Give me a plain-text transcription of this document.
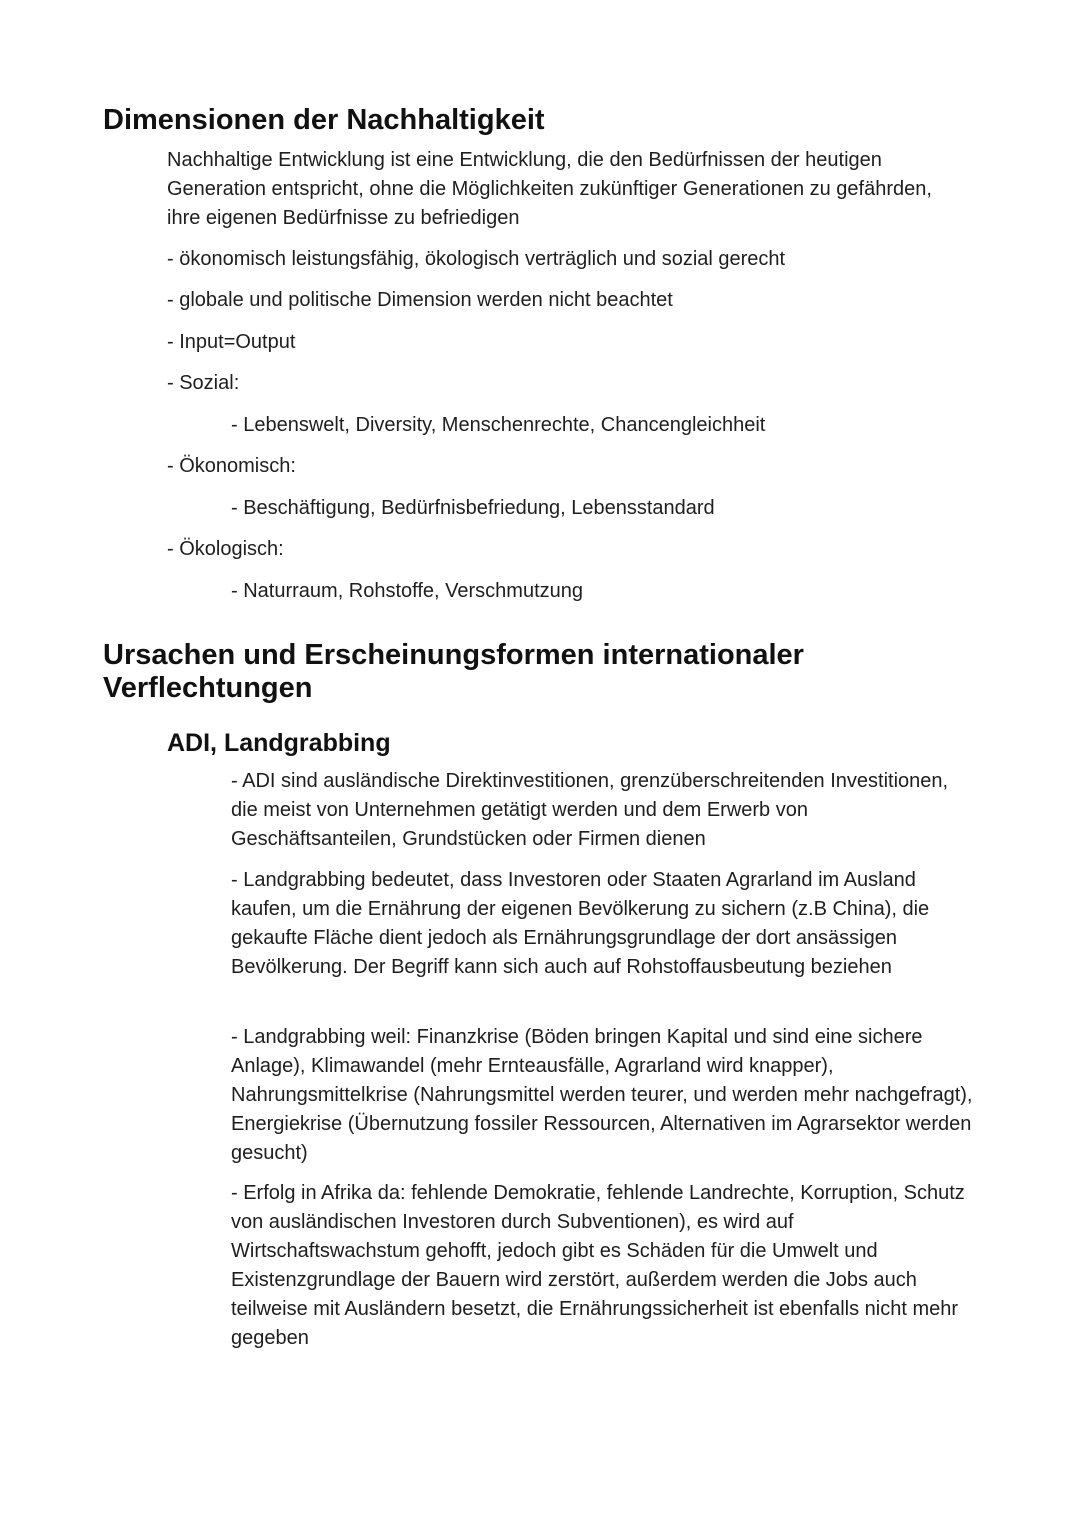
Dimensionen der Nachhaltigkeit

Nachhaltige Entwicklung ist eine Entwicklung, die den Bedürfnissen der heutigen Generation entspricht, ohne die Möglichkeiten zukünftiger Generationen zu gefährden, ihre eigenen Bedürfnisse zu befriedigen

- ökonomisch leistungsfähig, ökologisch verträglich und sozial gerecht

- globale und politische Dimension werden nicht beachtet

- Input=Output

- Sozial:

- Lebenswelt, Diversity, Menschenrechte, Chancengleichheit

- Ökonomisch:

- Beschäftigung, Bedürfnisbefriedung, Lebensstandard

- Ökologisch:

- Naturraum, Rohstoffe, Verschmutzung

Ursachen und Erscheinungsformen internationaler
Verflechtungen
ADI, Landgrabbing

- ADI sind ausländische Direktinvestitionen, grenzüberschreitenden Investitionen, die meist von Unternehmen getätigt werden und dem Erwerb von Geschäftsanteilen, Grundstücken oder Firmen dienen

- Landgrabbing bedeutet, dass Investoren oder Staaten Agrarland im Ausland kaufen, um die Ernährung der eigenen Bevölkerung zu sichern (z.B China), die gekaufte Fläche dient jedoch als Ernährungsgrundlage der dort ansässigen Bevölkerung. Der Begriff kann sich auch auf Rohstoffausbeutung beziehen

- Landgrabbing weil: Finanzkrise (Böden bringen Kapital und sind eine sichere Anlage), Klimawandel (mehr Ernteausfälle, Agrarland wird knapper), Nahrungsmittelkrise (Nahrungsmittel werden teurer, und werden mehr nachgefragt), Energiekrise (Übernutzung fossiler Ressourcen, Alternativen im Agrarsektor werden gesucht)

- Erfolg in Afrika da: fehlende Demokratie, fehlende Landrechte, Korruption, Schutz von ausländischen Investoren durch Subventionen), es wird auf Wirtschaftswachstum gehofft, jedoch gibt es Schäden für die Umwelt und Existenzgrundlage der Bauern wird zerstört, außerdem werden die Jobs auch teilweise mit Ausländern besetzt, die Ernährungssicherheit ist ebenfalls nicht mehr gegeben
